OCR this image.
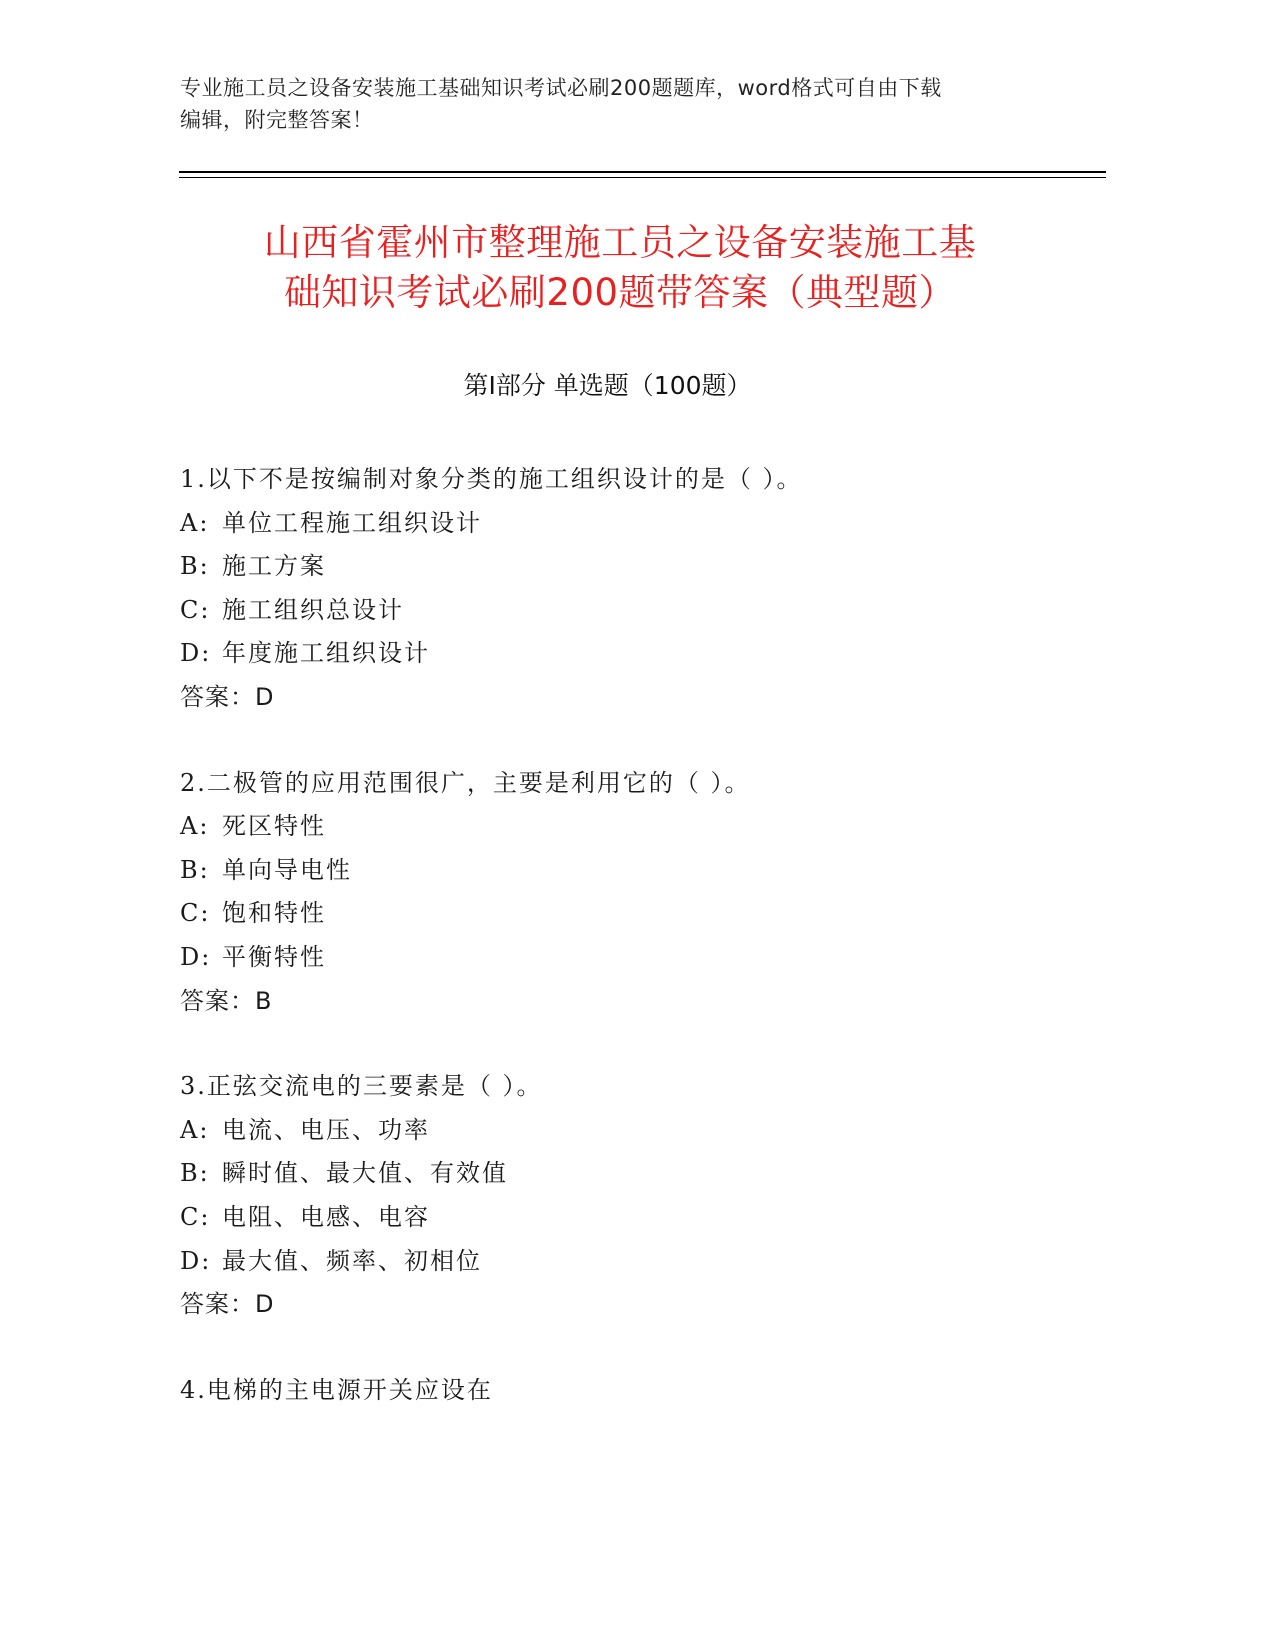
专业施工员之设备安装施工基础知识考试必刷200题题库，word格式可自由下载
编辑，附完整答案！
山西省霍州市整理施工员之设备安装施工基
础知识考试必刷200题带答案（典型题）
第Ⅰ部分 单选题（100题）
1.以下不是按编制对象分类的施工组织设计的是（ ）。
A: 单位工程施工组织设计
B: 施工方案
C: 施工组织总设计
D: 年度施工组织设计
答案：D
2.二极管的应用范围很广，主要是利用它的（ ）。
A: 死区特性
B: 单向导电性
C: 饱和特性
D: 平衡特性
答案：B
3.正弦交流电的三要素是（ ）。
A: 电流、电压、功率
B: 瞬时值、最大值、有效值
C: 电阻、电感、电容
D: 最大值、频率、初相位
答案：D
4.电梯的主电源开关应设在
